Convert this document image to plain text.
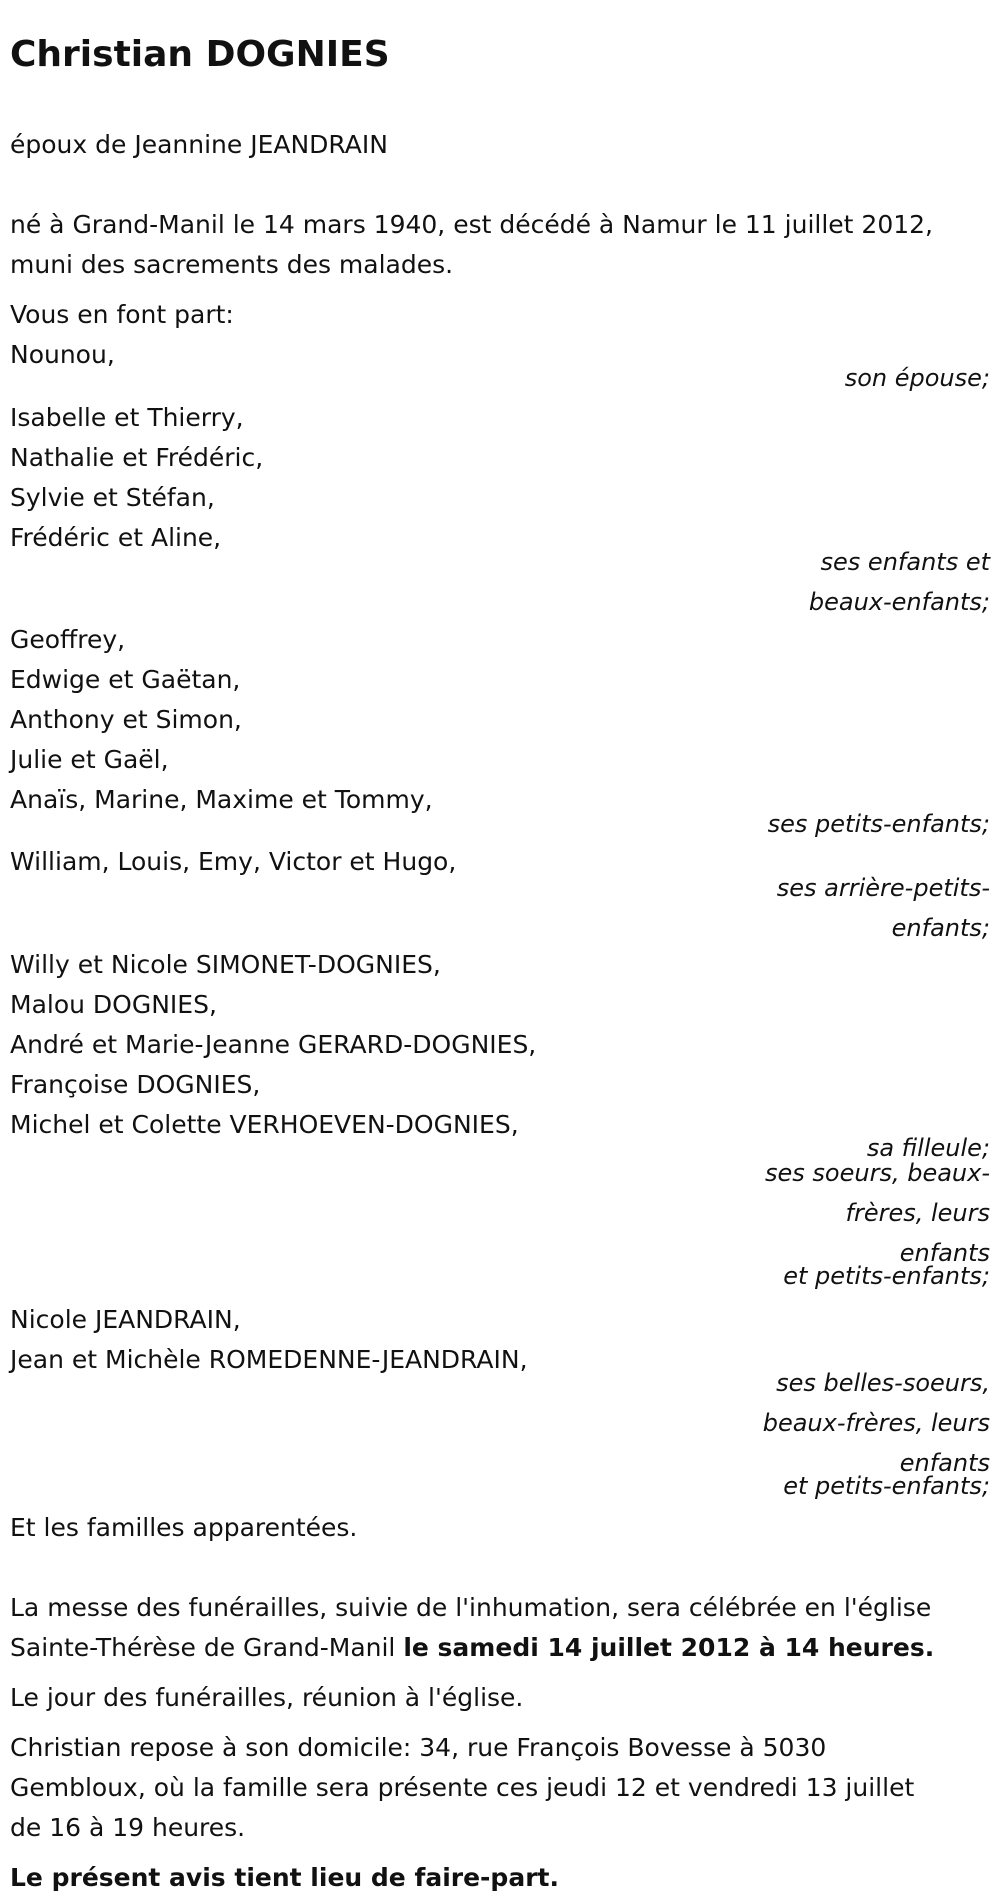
Christian DOGNIES
époux de Jeannine JEANDRAIN
né à Grand-Manil le 14 mars 1940, est décédé à Namur le 11 juillet 2012,
muni des sacrements des malades.
Vous en font part:
Nounou,
son épouse;
Isabelle et Thierry,
Nathalie et Frédéric,
Sylvie et Stéfan,
Frédéric et Aline,
ses enfants et
beaux-enfants;
Geoffrey,
Edwige et Gaëtan,
Anthony et Simon,
Julie et Gaël,
Anaïs, Marine, Maxime et Tommy,
ses petits-enfants;
William, Louis, Emy, Victor et Hugo,
ses arrière-petits-
enfants;
Willy et Nicole SIMONET-DOGNIES,
Malou DOGNIES,
André et Marie-Jeanne GERARD-DOGNIES,
Françoise DOGNIES,
Michel et Colette VERHOEVEN-DOGNIES,
sa filleule;
ses soeurs, beaux-
frères, leurs
enfants
et petits-enfants;
Nicole JEANDRAIN,
Jean et Michèle ROMEDENNE-JEANDRAIN,
ses belles-soeurs,
beaux-frères, leurs
enfants
et petits-enfants;
Et les familles apparentées.
La messe des funérailles, suivie de l'inhumation, sera célébrée en l'église
Sainte-Thérèse de Grand-Manil le samedi 14 juillet 2012 à 14 heures.
Le jour des funérailles, réunion à l'église.
Christian repose à son domicile: 34, rue François Bovesse à 5030
Gembloux, où la famille sera présente ces jeudi 12 et vendredi 13 juillet
de 16 à 19 heures.
Le présent avis tient lieu de faire-part.
